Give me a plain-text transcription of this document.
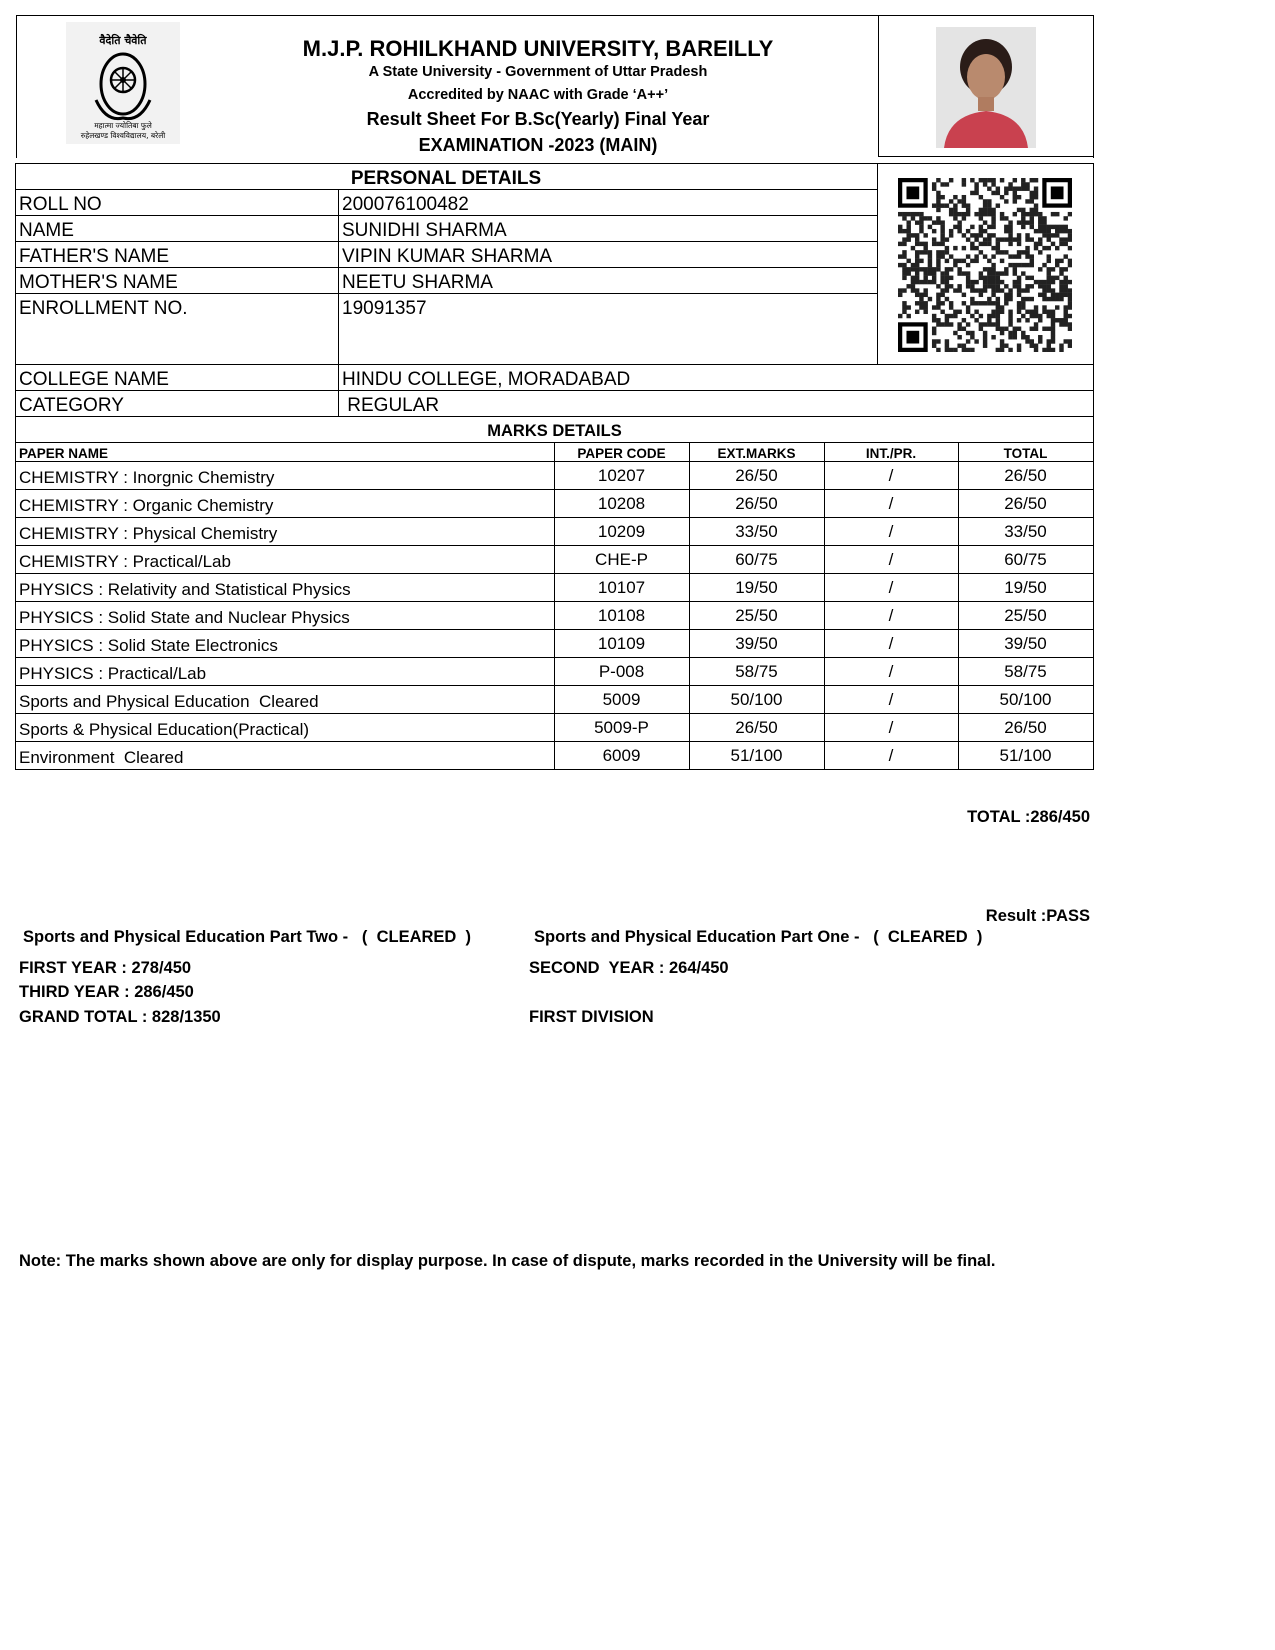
वैदेति चैवेति
महात्मा ज्योतिबा फुले
रुहेलखण्ड विश्वविद्यालय, बरेली
M.J.P. ROHILKHAND UNIVERSITY, BAREILLY
A State University - Government of Uttar Pradesh
Accredited by NAAC with Grade ‘A++’
Result Sheet For B.Sc(Yearly) Final Year
EXAMINATION -2023 (MAIN)
PERSONAL DETAILS
ROLL NO	200076100482
NAME	SUNIDHI SHARMA
FATHER'S NAME	VIPIN KUMAR SHARMA
MOTHER'S NAME	NEETU SHARMA
ENROLLMENT NO.	19091357
COLLEGE NAME	HINDU COLLEGE, MORADABAD
CATEGORY	REGULAR
MARKS DETAILS
PAPER NAME	PAPER CODE	EXT.MARKS	INT./PR.	TOTAL
CHEMISTRY : Inorgnic Chemistry	10207	26/50	/	26/50
CHEMISTRY : Organic Chemistry	10208	26/50	/	26/50
CHEMISTRY : Physical Chemistry	10209	33/50	/	33/50
CHEMISTRY : Practical/Lab	CHE-P	60/75	/	60/75
PHYSICS : Relativity and Statistical Physics	10107	19/50	/	19/50
PHYSICS : Solid State and Nuclear Physics	10108	25/50	/	25/50
PHYSICS : Solid State Electronics	10109	39/50	/	39/50
PHYSICS : Practical/Lab	P-008	58/75	/	58/75
Sports and Physical Education  Cleared	5009	50/100	/	50/100
Sports & Physical Education(Practical)	5009-P	26/50	/	26/50
Environment  Cleared	6009	51/100	/	51/100
TOTAL :286/450
Result :PASS
Sports and Physical Education Part Two -   (  CLEARED  )	Sports and Physical Education Part One -   (  CLEARED  )
FIRST YEAR : 278/450	SECOND  YEAR : 264/450
THIRD YEAR : 286/450
GRAND TOTAL : 828/1350	FIRST DIVISION
Note: The marks shown above are only for display purpose. In case of dispute, marks recorded in the University will be final.
